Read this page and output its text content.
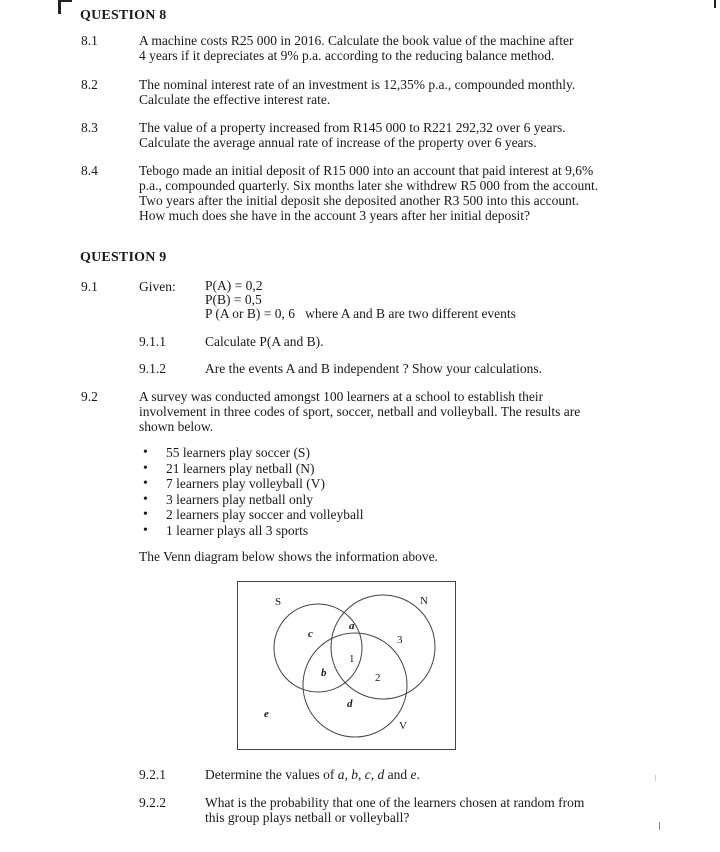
QUESTION 8
8.1	A machine costs R25 000 in 2016. Calculate the book value of the machine after
4 years if it depreciates at 9% p.a. according to the reducing balance method.
8.2	The nominal interest rate of an investment is 12,35% p.a., compounded monthly.
Calculate the effective interest rate.
8.3	The value of a property increased from R145 000 to R221 292,32 over 6 years.
Calculate the average annual rate of increase of the property over 6 years.
8.4	Tebogo made an initial deposit of R15 000 into an account that paid interest at 9,6%
p.a., compounded quarterly. Six months later she withdrew R5 000 from the account.
Two years after the initial deposit she deposited another R3 500 into this account.
How much does she have in the account 3 years after her initial deposit?
QUESTION 9
9.1	Given: P(A) = 0,2
P(B) = 0,5
P (A or B) = 0, 6 where A and B are two different events
9.1.1	Calculate P(A and B).
9.1.2	Are the events A and B independent ? Show your calculations.
9.2	A survey was conducted amongst 100 learners at a school to establish their
involvement in three codes of sport, soccer, netball and volleyball. The results are
shown below.
• 55 learners play soccer (S)
• 21 learners play netball (N)
• 7 learners play volleyball (V)
• 3 learners play netball only
• 2 learners play soccer and volleyball
• 1 learner plays all 3 sports
The Venn diagram below shows the information above.
S	N
V
c
a
3
1
b	2
d
e
9.2.1	Determine the values of a, b, c, d and e.
9.2.2	What is the probability that one of the learners chosen at random from
this group plays netball or volleyball?
